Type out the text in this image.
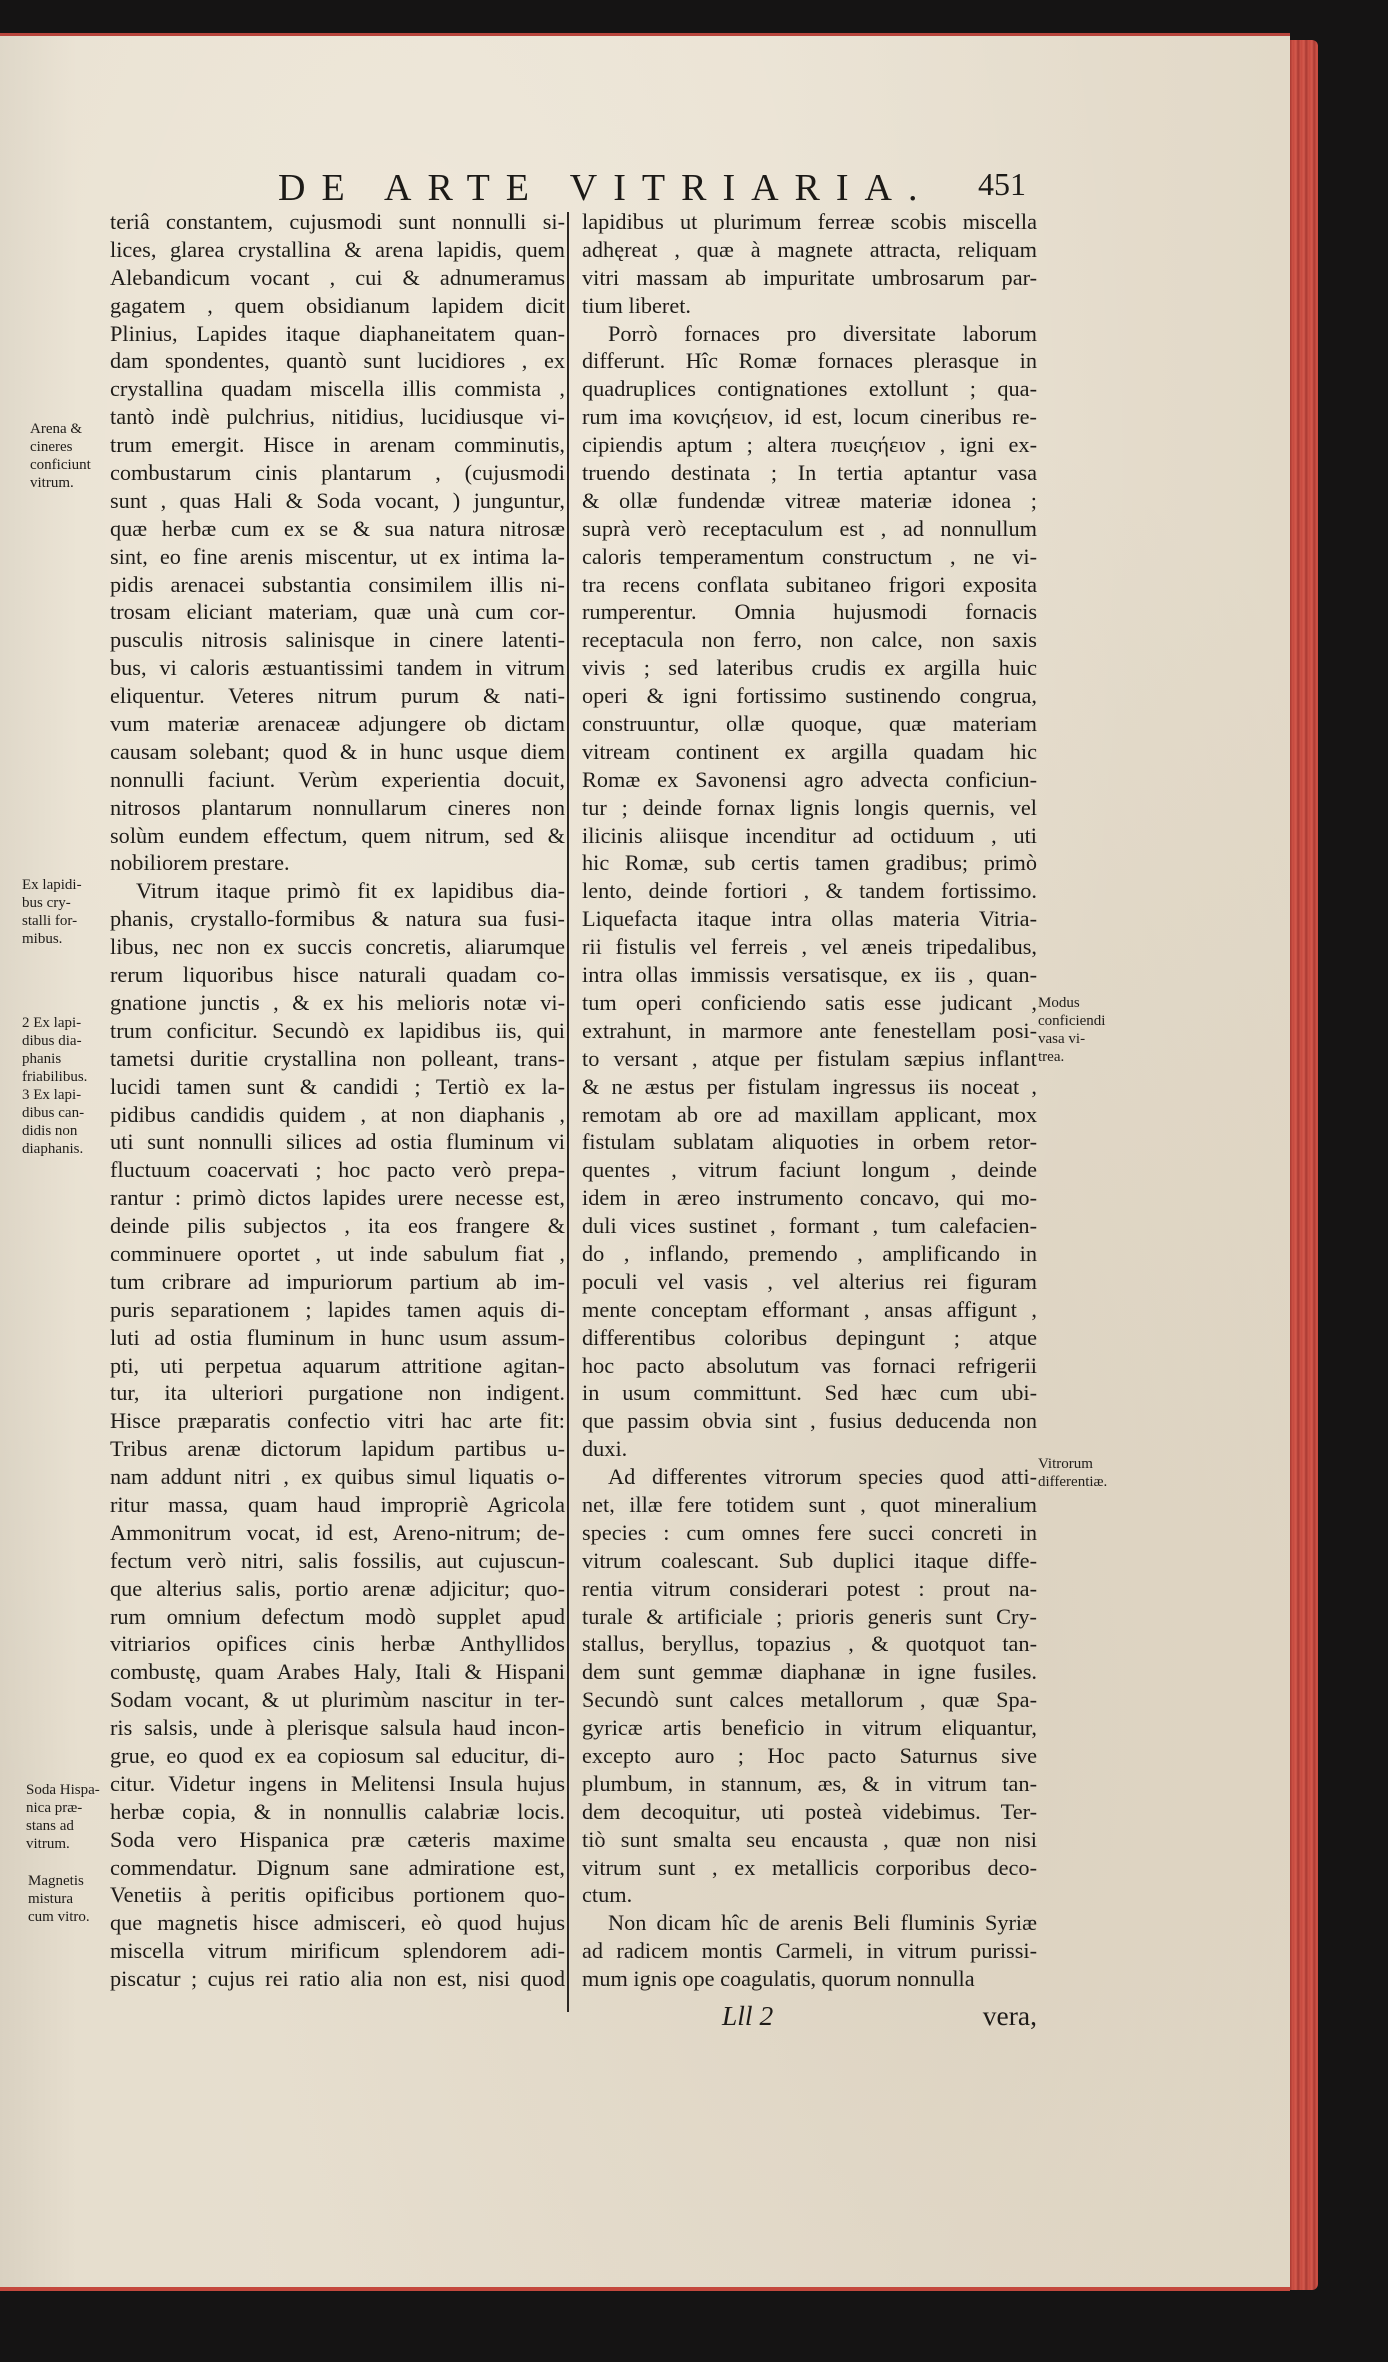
DE ARTE VITRIARIA. 451
teriâ constantem, cujusmodi sunt nonnulli si-
lices, glarea crystallina & arena lapidis, quem
Alebandicum vocant , cui & adnumeramus
gagatem , quem obsidianum lapidem dicit
Plinius, Lapides itaque diaphaneitatem quan-
dam spondentes, quantò sunt lucidiores , ex
crystallina quadam miscella illis commista ,
tantò indè pulchrius, nitidius, lucidiusque vi-
trum emergit. Hisce in arenam comminutis,
combustarum cinis plantarum , (cujusmodi
sunt , quas Hali & Soda vocant, ) junguntur,
quæ herbæ cum ex se & sua natura nitrosæ
sint, eo fine arenis miscentur, ut ex intima la-
pidis arenacei substantia consimilem illis ni-
trosam eliciant materiam, quæ unà cum cor-
pusculis nitrosis salinisque in cinere latenti-
bus, vi caloris æstuantissimi tandem in vitrum
eliquentur. Veteres nitrum purum & nati-
vum materiæ arenaceæ adjungere ob dictam
causam solebant; quod & in hunc usque diem
nonnulli faciunt. Verùm experientia docuit,
nitrosos plantarum nonnullarum cineres non
solùm eundem effectum, quem nitrum, sed &
nobiliorem prestare.
Vitrum itaque primò fit ex lapidibus dia-
phanis, crystallo-formibus & natura sua fusi-
libus, nec non ex succis concretis, aliarumque
rerum liquoribus hisce naturali quadam co-
gnatione junctis , & ex his melioris notæ vi-
trum conficitur. Secundò ex lapidibus iis, qui
tametsi duritie crystallina non polleant, trans-
lucidi tamen sunt & candidi ; Tertiò ex la-
pidibus candidis quidem , at non diaphanis ,
uti sunt nonnulli silices ad ostia fluminum vi
fluctuum coacervati ; hoc pacto verò prepa-
rantur : primò dictos lapides urere necesse est,
deinde pilis subjectos , ita eos frangere &
comminuere oportet , ut inde sabulum fiat ,
tum cribrare ad impuriorum partium ab im-
puris separationem ; lapides tamen aquis di-
luti ad ostia fluminum in hunc usum assum-
pti, uti perpetua aquarum attritione agitan-
tur, ita ulteriori purgatione non indigent.
Hisce præparatis confectio vitri hac arte fit:
Tribus arenæ dictorum lapidum partibus u-
nam addunt nitri , ex quibus simul liquatis o-
ritur massa, quam haud impropriè Agricola
Ammonitrum vocat, id est, Areno-nitrum; de-
fectum verò nitri, salis fossilis, aut cujuscun-
que alterius salis, portio arenæ adjicitur; quo-
rum omnium defectum modò supplet apud
vitriarios opifices cinis herbæ Anthyllidos
combustę, quam Arabes Haly, Itali & Hispani
Sodam vocant, & ut plurimùm nascitur in ter-
ris salsis, unde à plerisque salsula haud incon-
grue, eo quod ex ea copiosum sal educitur, di-
citur. Videtur ingens in Melitensi Insula hujus
herbæ copia, & in nonnullis calabriæ locis.
Soda vero Hispanica præ cæteris maxime
commendatur. Dignum sane admiratione est,
Venetiis à peritis opificibus portionem quo-
que magnetis hisce admisceri, eò quod hujus
miscella vitrum mirificum splendorem adi-
piscatur ; cujus rei ratio alia non est, nisi quod
lapidibus ut plurimum ferreæ scobis miscella
adhęreat , quæ à magnete attracta, reliquam
vitri massam ab impuritate umbrosarum par-
tium liberet.
Porrò fornaces pro diversitate laborum
differunt. Hîc Romæ fornaces plerasque in
quadruplices contignationes extollunt ; qua-
rum ima κονιςήειον, id est, locum cineribus re-
cipiendis aptum ; altera πυειςήειον , igni ex-
truendo destinata ; In tertia aptantur vasa
& ollæ fundendæ vitreæ materiæ idonea ;
suprà verò receptaculum est , ad nonnullum
caloris temperamentum constructum , ne vi-
tra recens conflata subitaneo frigori exposita
rumperentur. Omnia hujusmodi fornacis
receptacula non ferro, non calce, non saxis
vivis ; sed lateribus crudis ex argilla huic
operi & igni fortissimo sustinendo congrua,
construuntur, ollæ quoque, quæ materiam
vitream continent ex argilla quadam hic
Romæ ex Savonensi agro advecta conficiun-
tur ; deinde fornax lignis longis quernis, vel
ilicinis aliisque incenditur ad octiduum , uti
hic Romæ, sub certis tamen gradibus; primò
lento, deinde fortiori , & tandem fortissimo.
Liquefacta itaque intra ollas materia Vitria-
rii fistulis vel ferreis , vel æneis tripedalibus,
intra ollas immissis versatisque, ex iis , quan-
tum operi conficiendo satis esse judicant ,
extrahunt, in marmore ante fenestellam posi-
to versant , atque per fistulam sæpius inflant
& ne æstus per fistulam ingressus iis noceat ,
remotam ab ore ad maxillam applicant, mox
fistulam sublatam aliquoties in orbem retor-
quentes , vitrum faciunt longum , deinde
idem in æreo instrumento concavo, qui mo-
duli vices sustinet , formant , tum calefacien-
do , inflando, premendo , amplificando in
poculi vel vasis , vel alterius rei figuram
mente conceptam efformant , ansas affigunt ,
differentibus coloribus depingunt ; atque
hoc pacto absolutum vas fornaci refrigerii
in usum committunt. Sed hæc cum ubi-
que passim obvia sint , fusius deducenda non
duxi.
Ad differentes vitrorum species quod atti-
net, illæ fere totidem sunt , quot mineralium
species : cum omnes fere succi concreti in
vitrum coalescant. Sub duplici itaque diffe-
rentia vitrum considerari potest : prout na-
turale & artificiale ; prioris generis sunt Cry-
stallus, beryllus, topazius , & quotquot tan-
dem sunt gemmæ diaphanæ in igne fusiles.
Secundò sunt calces metallorum , quæ Spa-
gyricæ artis beneficio in vitrum eliquantur,
excepto auro ; Hoc pacto Saturnus sive
plumbum, in stannum, æs, & in vitrum tan-
dem decoquitur, uti posteà videbimus. Ter-
tiò sunt smalta seu encausta , quæ non nisi
vitrum sunt , ex metallicis corporibus deco-
ctum.
Non dicam hîc de arenis Beli fluminis Syriæ
ad radicem montis Carmeli, in vitrum purissi-
mum ignis ope coagulatis, quorum nonnulla
Arena &
cineres
conficiunt
vitrum.
Ex lapidi-
bus cry-
stalli for-
mibus.
2 Ex lapi-
dibus dia-
phanis
friabilibus.
3 Ex lapi-
dibus can-
didis non
diaphanis.
Soda Hispa-
nica præ-
stans ad
vitrum.
Magnetis
mistura
cum vitro.
Modus
conficiendi
vasa vi-
trea.
Vitrorum
differentiæ.
Lll 2	vera,
